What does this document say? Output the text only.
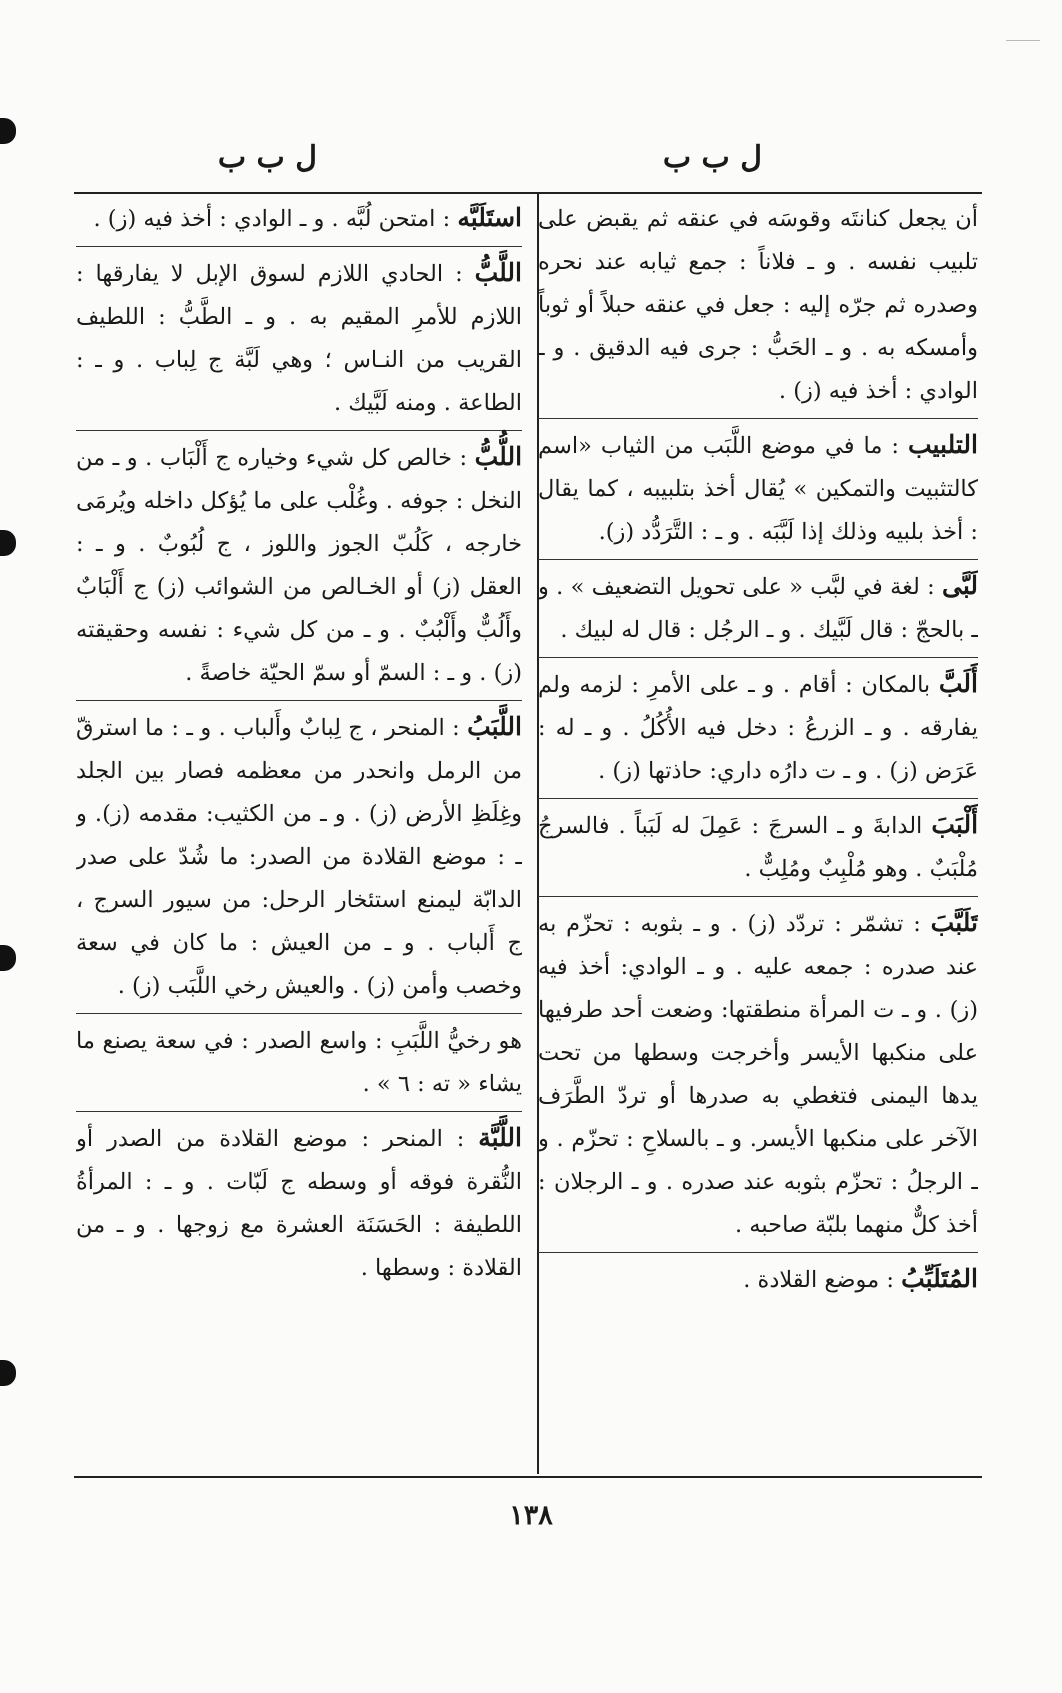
ل ب ب
ل ب ب

أن يجعل كنانتَه وقوسَه في عنقه ثم يقبض على تلبيب نفسه . و ـ فلاناً : جمع ثيابه عند نحره وصدره ثم جرّه إليه : جعل في عنقه حبلاً أو ثوباً وأمسكه به . و ـ الحَبُّ : جرى فيه الدقيق . و ـ الوادي : أخذ فيه (ز) .

التلبيب : ما في موضع اللَّبَب من الثياب «اسم كالتثبيت والتمكين » يُقال أخذ بتلبيبه ، كما يقال : أخذ بلبيه وذلك إذا لَبَّبَه . و ـ : التَّرَدُّد (ز).

لَبَّى : لغة في لبَّب « على تحويل التضعيف » . و ـ بالحجّ : قال لَبَّيك . و ـ الرجُل : قال له لبيك .

أَلَبَّ بالمكان : أقام . و ـ على الأمرِ : لزمه ولم يفارقه . و ـ الزرعُ : دخل فيه الأُكُلُ . و ـ له : عَرَض (ز) . و ـ ت دارُه داري: حاذتها (ز) .

أَلْبَبَ الدابةَ و ـ السرجَ : عَمِلَ له لَبَباً . فالسرجُ مُلْبَبٌ . وهو مُلْبِبٌ ومُلِبٌّ .

تَلَبَّبَ : تشمّر : تردّد (ز) . و ـ بثوبه : تحزّم به عند صدره : جمعه عليه . و ـ الوادي: أخذ فيه (ز) . و ـ ت المرأة منطقتها: وضعت أحد طرفيها على منكبها الأيسر وأخرجت وسطها من تحت يدها اليمنى فتغطي به صدرها أو تردّ الطَّرَف الآخر على منكبها الأيسر. و ـ بالسلاحِ : تحزّم . و ـ الرجلُ : تحزّم بثوبه عند صدره . و ـ الرجلان : أخذ كلٌّ منهما بلبّة صاحبه .

المُتَلَبِّبُ : موضع القلادة .

استَلَبَّه : امتحن لُبَّه . و ـ الوادي : أخذ فيه (ز) .

اللَّبُّ : الحادي اللازم لسوق الإبل لا يفارقها : اللازم للأمرِ المقيم به . و ـ الطَّبُّ : اللطيف القريب من النـاس ؛ وهي لَبَّة ج لِباب . و ـ : الطاعة . ومنه لَبَّيك .

اللُّبُّ : خالص كل شيء وخياره ج أَلْبَاب . و ـ من النخل : جوفه . وغُلْب على ما يُؤكل داخله ويُرمَى خارجه ، كَلُبّ الجوز واللوز ، ج لُبُوبٌ . و ـ : العقل (ز) أو الخـالص من الشوائب (ز) ج أَلْبَابٌ وأَلُبٌّ وأَلْبُبٌ . و ـ من كل شيء : نفسه وحقيقته (ز) . و ـ : السمّ أو سمّ الحيّة خاصةً .

اللَّبَبُ : المنحر ، ج لِبابٌ وأَلباب . و ـ : ما استرقّ من الرمل وانحدر من معظمه فصار بين الجلد وغِلَظِ الأرض (ز) . و ـ من الكثيب: مقدمه (ز). و ـ : موضع القلادة من الصدر: ما شُدّ على صدر الدابّة ليمنع استئخار الرحل: من سيور السرج ، ج أَلباب . و ـ من العيش : ما كان في سعة وخصب وأمن (ز) . والعيش رخي اللَّبَب (ز) .

هو رخيُّ اللَّبَبِ : واسع الصدر : في سعة يصنع ما يشاء « ته : ٦ » .

اللَّبَّة : المنحر : موضع القلادة من الصدر أو النُّقرة فوقه أو وسطه ج لَبّات . و ـ : المرأةُ اللطيفة : الحَسَنَة العشرة مع زوجها . و ـ من القلادة : وسطها .

١٣٨
